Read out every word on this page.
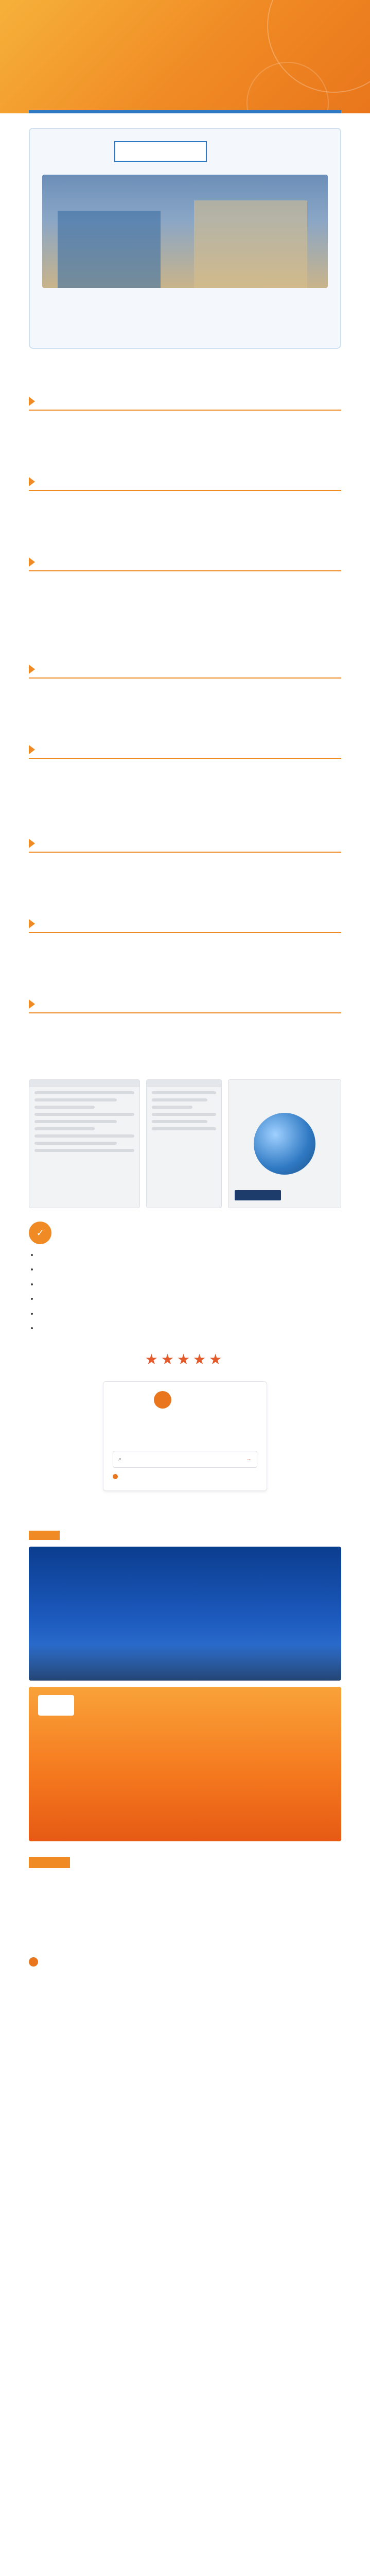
✓
•
•
•
•
•
•
★★★★★
⌕	→
